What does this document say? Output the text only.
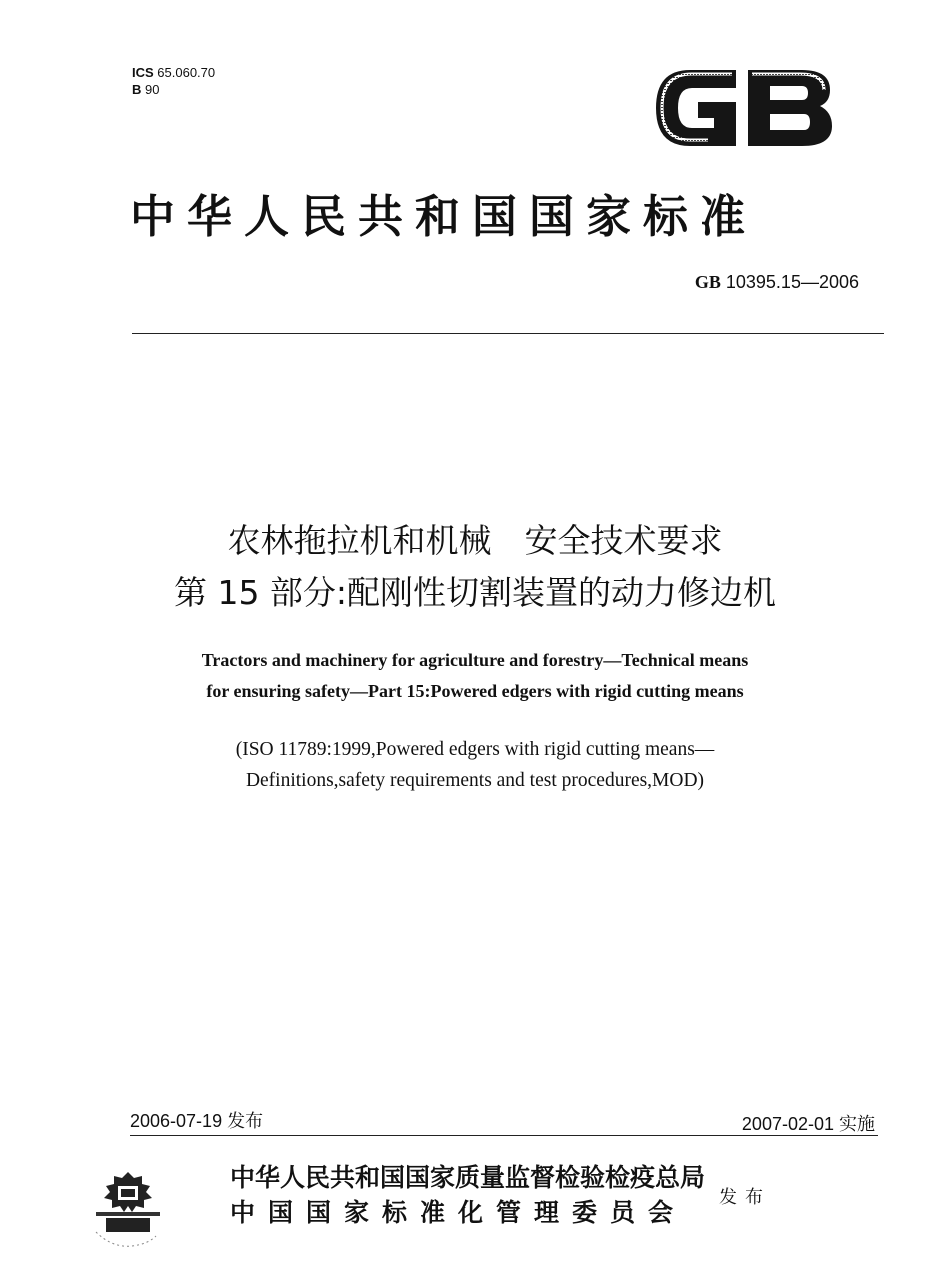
ICS 65.060.70
B 90
GB
中华人民共和国国家标准
GB 10395.15—2006
农林拖拉机和机械　安全技术要求
第 15 部分:配刚性切割装置的动力修边机
Tractors and machinery for agriculture and forestry—Technical means
for ensuring safety—Part 15:Powered edgers with rigid cutting means
(ISO 11789:1999,Powered edgers with rigid cutting means—
Definitions,safety requirements and test procedures,MOD)
2006-07-19 发布	2007-02-01 实施
警品防伪	中华人民共和国国家质量监督检验检疫总局
中国国家标准化管理委员会
发布
